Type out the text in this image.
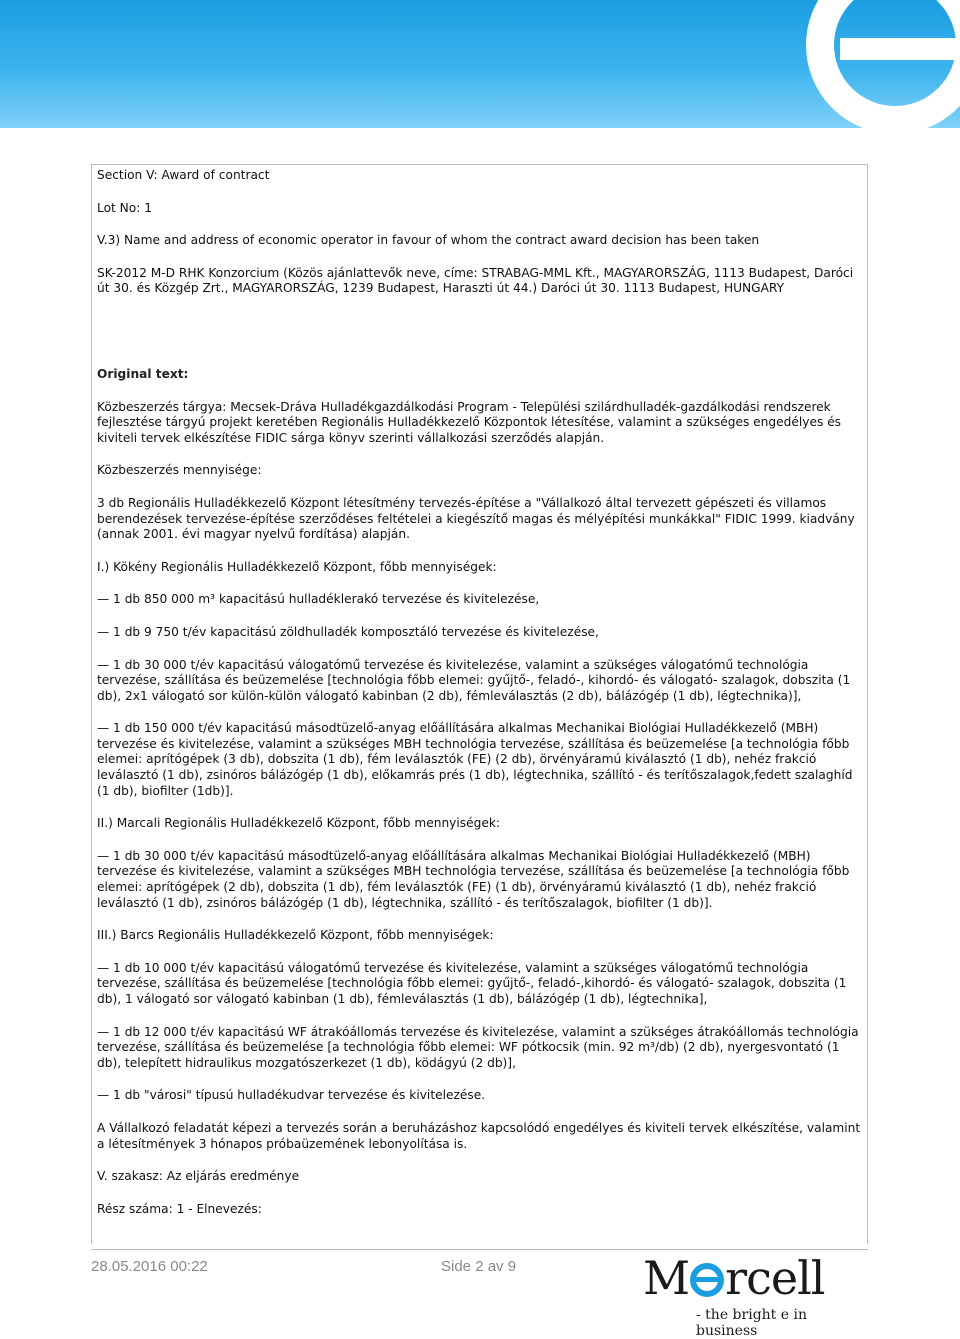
Section V: Award of contract

Lot No: 1

V.3) Name and address of economic operator in favour of whom the contract award decision has been taken

SK-2012 M-D RHK Konzorcium (Közös ajánlattevők neve, címe: STRABAG-MML Kft., MAGYARORSZÁG, 1113 Budapest, Daróci út 30. és Közgép Zrt., MAGYARORSZÁG, 1239 Budapest, Haraszti út 44.) Daróci út 30. 1113 Budapest, HUNGARY

Original text:

Közbeszerzés tárgya: Mecsek-Dráva Hulladékgazdálkodási Program - Települési szilárdhulladék-gazdálkodási rendszerek fejlesztése tárgyú projekt keretében Regionális Hulladékkezelő Központok létesítése, valamint a szükséges engedélyes és kiviteli tervek elkészítése FIDIC sárga könyv szerinti vállalkozási szerződés alapján.

Közbeszerzés mennyisége:

3 db Regionális Hulladékkezelő Központ létesítmény tervezés-építése a "Vállalkozó által tervezett gépészeti és villamos berendezések tervezése-építése szerződéses feltételei a kiegészítő magas és mélyépítési munkákkal" FIDIC 1999. kiadvány (annak 2001. évi magyar nyelvű fordítása) alapján.

I.) Kökény Regionális Hulladékkezelő Központ, főbb mennyiségek:

— 1 db 850 000 m³ kapacitású hulladéklerakó tervezése és kivitelezése,

— 1 db 9 750 t/év kapacitású zöldhulladék komposztáló tervezése és kivitelezése,

— 1 db 30 000 t/év kapacitású válogatómű tervezése és kivitelezése, valamint a szükséges válogatómű technológia tervezése, szállítása és beüzemelése [technológia főbb elemei: gyűjtő-, feladó-, kihordó- és válogató- szalagok, dobszita (1 db), 2x1 válogató sor külön-külön válogató kabinban (2 db), fémleválasztás (2 db), bálázógép (1 db), légtechnika)],

— 1 db 150 000 t/év kapacitású másodtüzelő-anyag előállítására alkalmas Mechanikai Biológiai Hulladékkezelő (MBH) tervezése és kivitelezése, valamint a szükséges MBH technológia tervezése, szállítása és beüzemelése [a technológia főbb elemei: aprítógépek (3 db), dobszita (1 db), fém leválasztók (FE) (2 db), örvényáramú kiválasztó (1 db), nehéz frakció leválasztó (1 db), zsinóros bálázógép (1 db), előkamrás prés (1 db), légtechnika, szállító - és terítőszalagok,fedett szalaghíd (1 db), biofilter (1db)].

II.) Marcali Regionális Hulladékkezelő Központ, főbb mennyiségek:

— 1 db 30 000 t/év kapacitású másodtüzelő-anyag előállítására alkalmas Mechanikai Biológiai Hulladékkezelő (MBH) tervezése és kivitelezése, valamint a szükséges MBH technológia tervezése, szállítása és beüzemelése [a technológia főbb elemei: aprítógépek (2 db), dobszita (1 db), fém leválasztók (FE) (1 db), örvényáramú kiválasztó (1 db), nehéz frakció leválasztó (1 db), zsinóros bálázógép (1 db), légtechnika, szállító - és terítőszalagok, biofilter (1 db)].

III.) Barcs Regionális Hulladékkezelő Központ, főbb mennyiségek:

— 1 db 10 000 t/év kapacitású válogatómű tervezése és kivitelezése, valamint a szükséges válogatómű technológia tervezése, szállítása és beüzemelése [technológia főbb elemei: gyűjtő-, feladó-,kihordó- és válogató- szalagok, dobszita (1 db), 1 válogató sor válogató kabinban (1 db), fémleválasztás (1 db), bálázógép (1 db), légtechnika],

— 1 db 12 000 t/év kapacitású WF átrakóállomás tervezése és kivitelezése, valamint a szükséges átrakóállomás technológia tervezése, szállítása és beüzemelése [a technológia főbb elemei: WF pótkocsik (min. 92 m³/db) (2 db), nyergesvontató (1 db), telepített hidraulikus mozgatószerkezet (1 db), ködágyú (2 db)],

— 1 db "városi" típusú hulladékudvar tervezése és kivitelezése.

A Vállalkozó feladatát képezi a tervezés során a beruházáshoz kapcsolódó engedélyes és kiviteli tervek elkészítése, valamint a létesítmények 3 hónapos próbaüzemének lebonyolítása is.

V. szakasz: Az eljárás eredménye

Rész száma: 1 - Elnevezés:

28.05.2016 00:22	Side 2 av 9	M rcell
- the bright e in business
